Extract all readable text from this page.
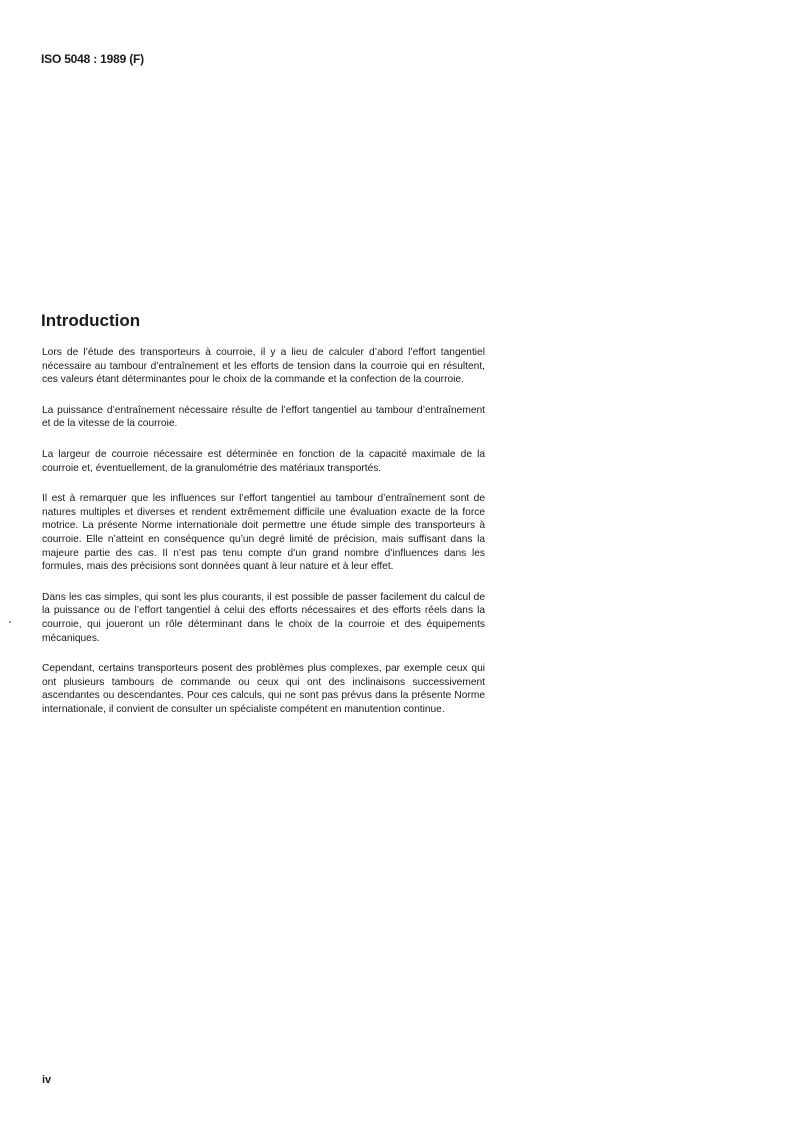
ISO 5048 : 1989 (F)
Introduction

Lors de l’étude des transporteurs à courroie, il y a lieu de calculer d’abord l’effort tangentiel nécessaire au tambour d’entraînement et les efforts de tension dans la courroie qui en résultent, ces valeurs étant déterminantes pour le choix de la commande et la confection de la courroie.

La puissance d’entraînement nécessaire résulte de l’effort tangentiel au tambour d’entraînement et de la vitesse de la courroie.

La largeur de courroie nécessaire est déterminée en fonction de la capacité maximale de la courroie et, éventuellement, de la granulométrie des matériaux transportés.

Il est à remarquer que les influences sur l’effort tangentiel au tambour d’entraînement sont de natures multiples et diverses et rendent extrêmement difficile une évaluation exacte de la force motrice. La présente Norme internationale doit permettre une étude simple des transporteurs à courroie. Elle n’atteint en conséquence qu’un degré limité de précision, mais suffisant dans la majeure partie des cas. Il n’est pas tenu compte d’un grand nombre d’influences dans les formules, mais des précisions sont données quant à leur nature et à leur effet.

Dans les cas simples, qui sont les plus courants, il est possible de passer facilement du calcul de la puissance ou de l’effort tangentiel à celui des efforts nécessaires et des efforts réels dans la courroie, qui joueront un rôle déterminant dans le choix de la courroie et des équipements mécaniques.

Cependant, certains transporteurs posent des problèmes plus complexes, par exemple ceux qui ont plusieurs tambours de commande ou ceux qui ont des inclinaisons successivement ascendantes ou descendantes. Pour ces calculs, qui ne sont pas prévus dans la présente Norme internationale, il convient de consulter un spécialiste compétent en manutention continue.

iv
